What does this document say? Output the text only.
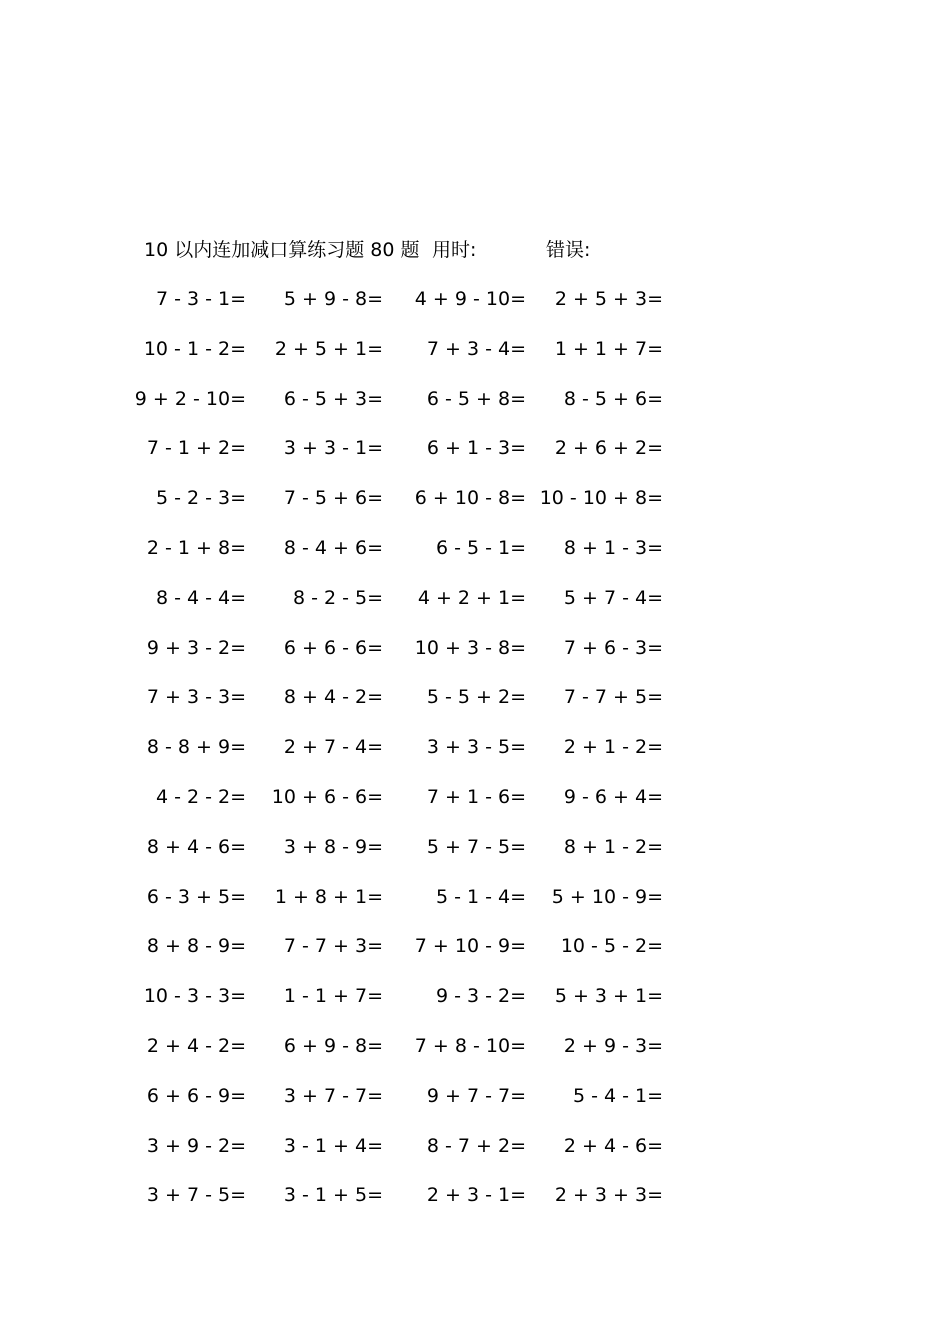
10 以内连加减口算练习题 80 题 用时:	错误:
7 - 3 - 1= 5 + 9 - 8= 4 + 9 - 10= 2 + 5 + 3=
10 - 1 - 2= 2 + 5 + 1= 7 + 3 - 4= 1 + 1 + 7=
9 + 2 - 10= 6 - 5 + 3= 6 - 5 + 8= 8 - 5 + 6=
7 - 1 + 2= 3 + 3 - 1= 6 + 1 - 3= 2 + 6 + 2=
5 - 2 - 3= 7 - 5 + 6= 6 + 10 - 8= 10 - 10 + 8=
2 - 1 + 8= 8 - 4 + 6=	6 - 5 - 1= 8 + 1 - 3=
8 - 4 - 4= 8 - 2 - 5= 4 + 2 + 1= 5 + 7 - 4=
9 + 3 - 2= 6 + 6 - 6= 10 + 3 - 8= 7 + 6 - 3=
7 + 3 - 3= 8 + 4 - 2= 5 - 5 + 2= 7 - 7 + 5=
8 - 8 + 9= 2 + 7 - 4= 3 + 3 - 5= 2 + 1 - 2=
4 - 2 - 2= 10 + 6 - 6= 7 + 1 - 6= 9 - 6 + 4=
8 + 4 - 6= 3 + 8 - 9= 5 + 7 - 5= 8 + 1 - 2=
6 - 3 + 5= 1 + 8 + 1=	5 - 1 - 4= 5 + 10 - 9=
8 + 8 - 9= 7 - 7 + 3= 7 + 10 - 9= 10 - 5 - 2=
10 - 3 - 3= 1 - 1 + 7=	9 - 3 - 2= 5 + 3 + 1=
2 + 4 - 2= 6 + 9 - 8= 7 + 8 - 10= 2 + 9 - 3=
6 + 6 - 9= 3 + 7 - 7= 9 + 7 - 7= 5 - 4 - 1=
3 + 9 - 2= 3 - 1 + 4= 8 - 7 + 2= 2 + 4 - 6=
3 + 7 - 5= 3 - 1 + 5= 2 + 3 - 1= 2 + 3 + 3=
